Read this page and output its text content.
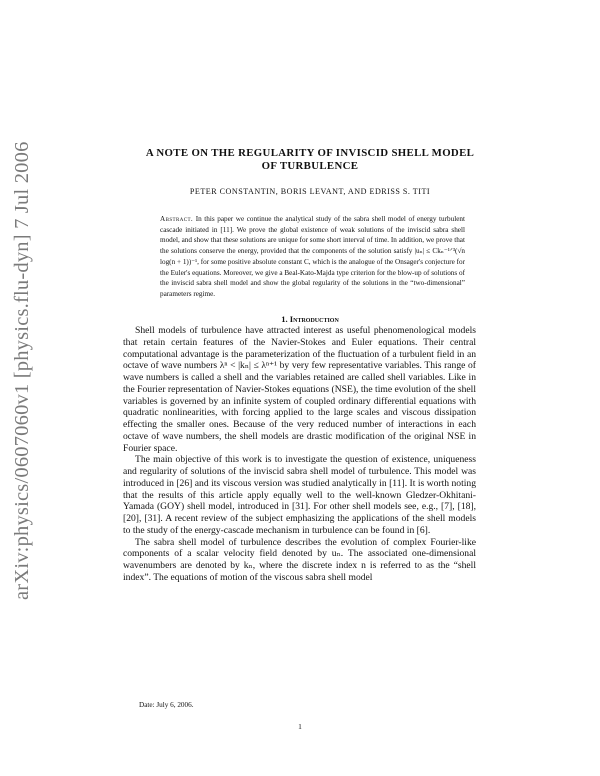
arXiv:physics/0607060v1 [physics.flu-dyn] 7 Jul 2006	A NOTE ON THE REGULARITY OF INVISCID SHELL MODEL
OF TURBULENCE

PETER CONSTANTIN, BORIS LEVANT, AND EDRISS S. TITI

Abstract. In this paper we continue the analytical study of the sabra shell model of energy turbulent cascade initiated in [11]. We prove the global existence of weak solutions of the inviscid sabra shell model, and show that these solutions are unique for some short interval of time. In addition, we prove that the solutions conserve the energy, provided that the components of the solution satisfy |uₙ| ≤ Ckₙ⁻¹ᐟ³(√n log(n + 1))⁻¹, for some positive absolute constant C, which is the analogue of the Onsager's conjecture for the Euler's equations. Moreover, we give a Beal-Kato-Majda type criterion for the blow-up of solutions of the inviscid sabra shell model and show the global regularity of the solutions in the “two-dimensional” parameters regime.

1. Introduction

Shell models of turbulence have attracted interest as useful phenomenological models that retain certain features of the Navier-Stokes and Euler equations. Their central computational advantage is the parameterization of the fluctuation of a turbulent field in an octave of wave numbers λⁿ < |kₙ| ≤ λⁿ⁺¹ by very few representative variables. This range of wave numbers is called a shell and the variables retained are called shell variables. Like in the Fourier representation of Navier-Stokes equations (NSE), the time evolution of the shell variables is governed by an infinite system of coupled ordinary differential equations with quadratic nonlinearities, with forcing applied to the large scales and viscous dissipation effecting the smaller ones. Because of the very reduced number of interactions in each octave of wave numbers, the shell models are drastic modification of the original NSE in Fourier space.

The main objective of this work is to investigate the question of existence, uniqueness and regularity of solutions of the inviscid sabra shell model of turbulence. This model was introduced in [26] and its viscous version was studied analytically in [11]. It is worth noting that the results of this article apply equally well to the well-known Gledzer-Okhitani-Yamada (GOY) shell model, introduced in [31]. For other shell models see, e.g., [7], [18], [20], [31]. A recent review of the subject emphasizing the applications of the shell models to the study of the energy-cascade mechanism in turbulence can be found in [6].

The sabra shell model of turbulence describes the evolution of complex Fourier-like components of a scalar velocity field denoted by uₙ. The associated one-dimensional wavenumbers are denoted by kₙ, where the discrete index n is referred to as the “shell index”. The equations of motion of the viscous sabra shell model

Date: July 6, 2006.

1
